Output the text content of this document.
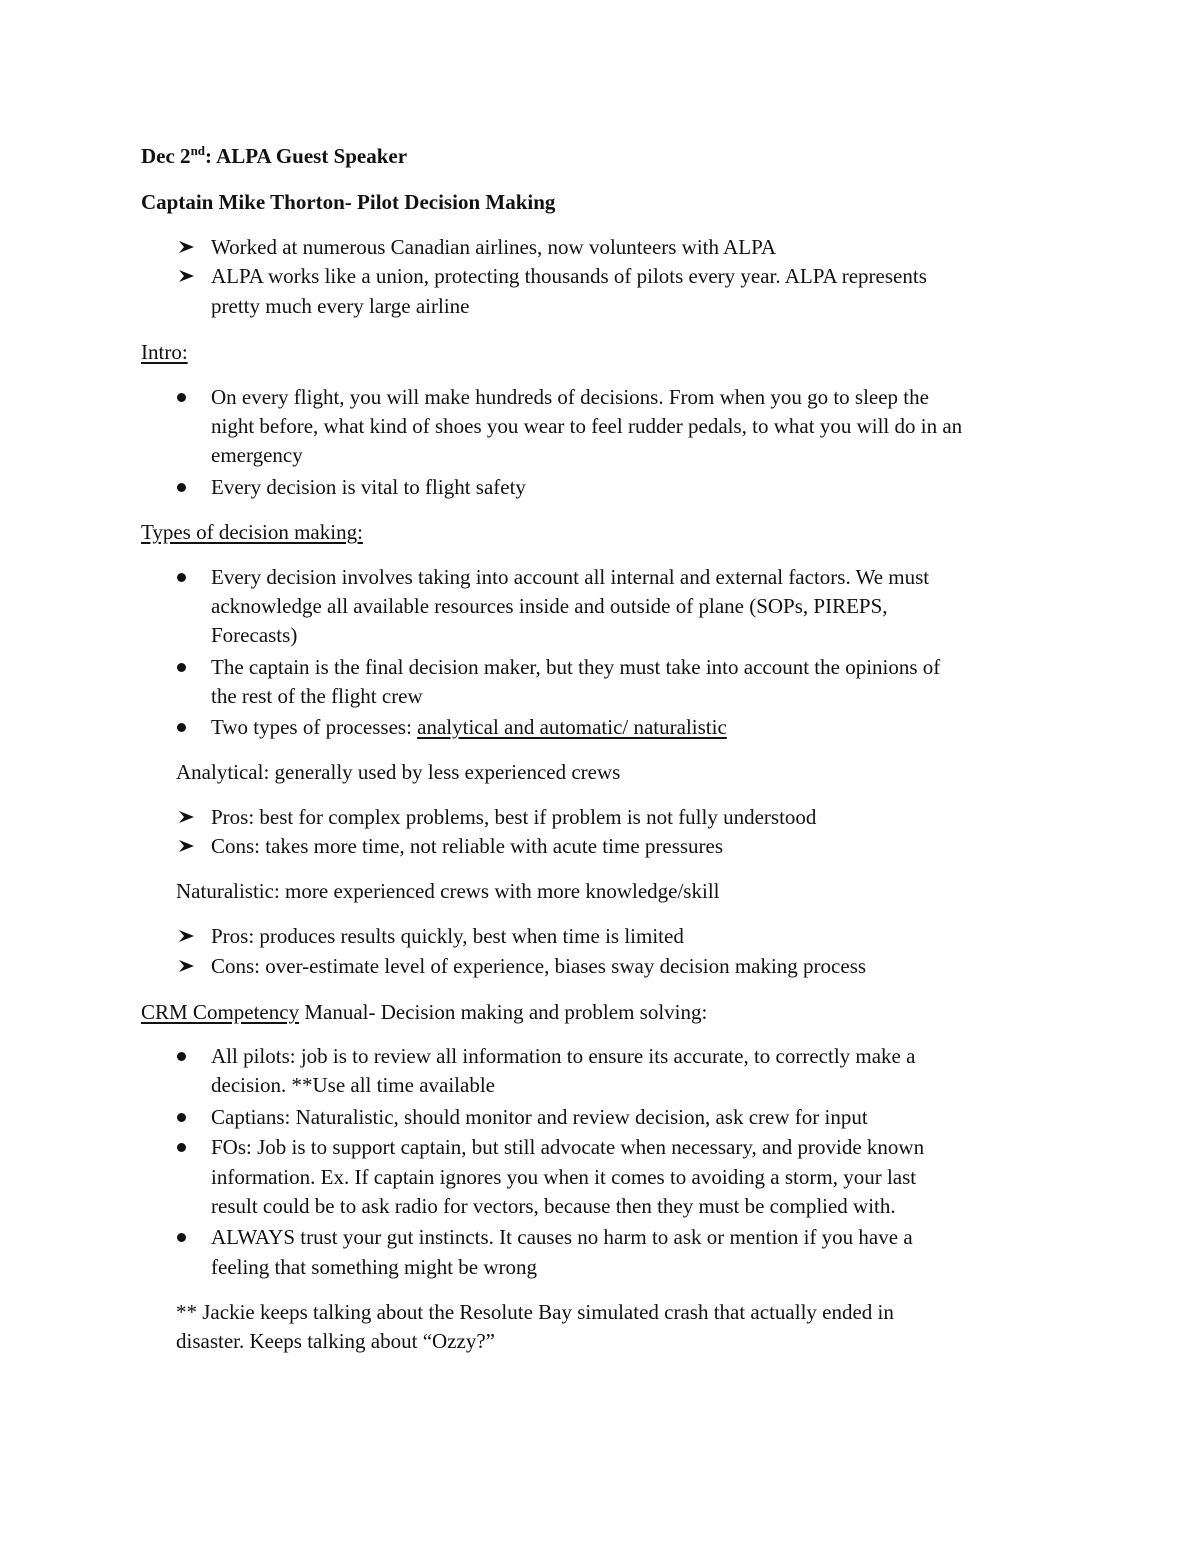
Dec 2nd: ALPA Guest Speaker
Captain Mike Thorton- Pilot Decision Making
Worked at numerous Canadian airlines, now volunteers with ALPA
ALPA works like a union, protecting thousands of pilots every year. ALPA represents
pretty much every large airline
Intro:
On every flight, you will make hundreds of decisions. From when you go to sleep the
night before, what kind of shoes you wear to feel rudder pedals, to what you will do in an
emergency
Every decision is vital to flight safety
Types of decision making:
Every decision involves taking into account all internal and external factors. We must
acknowledge all available resources inside and outside of plane (SOPs, PIREPS,
Forecasts)
The captain is the final decision maker, but they must take into account the opinions of
the rest of the flight crew
Two types of processes: analytical and automatic/ naturalistic
Analytical: generally used by less experienced crews
Pros: best for complex problems, best if problem is not fully understood
Cons: takes more time, not reliable with acute time pressures
Naturalistic: more experienced crews with more knowledge/skill
Pros: produces results quickly, best when time is limited
Cons: over-estimate level of experience, biases sway decision making process
CRM Competency Manual- Decision making and problem solving:
All pilots: job is to review all information to ensure its accurate, to correctly make a
decision. **Use all time available
Captians: Naturalistic, should monitor and review decision, ask crew for input
FOs: Job is to support captain, but still advocate when necessary, and provide known
information. Ex. If captain ignores you when it comes to avoiding a storm, your last
result could be to ask radio for vectors, because then they must be complied with.
ALWAYS trust your gut instincts. It causes no harm to ask or mention if you have a
feeling that something might be wrong
** Jackie keeps talking about the Resolute Bay simulated crash that actually ended in
disaster. Keeps talking about “Ozzy?”
